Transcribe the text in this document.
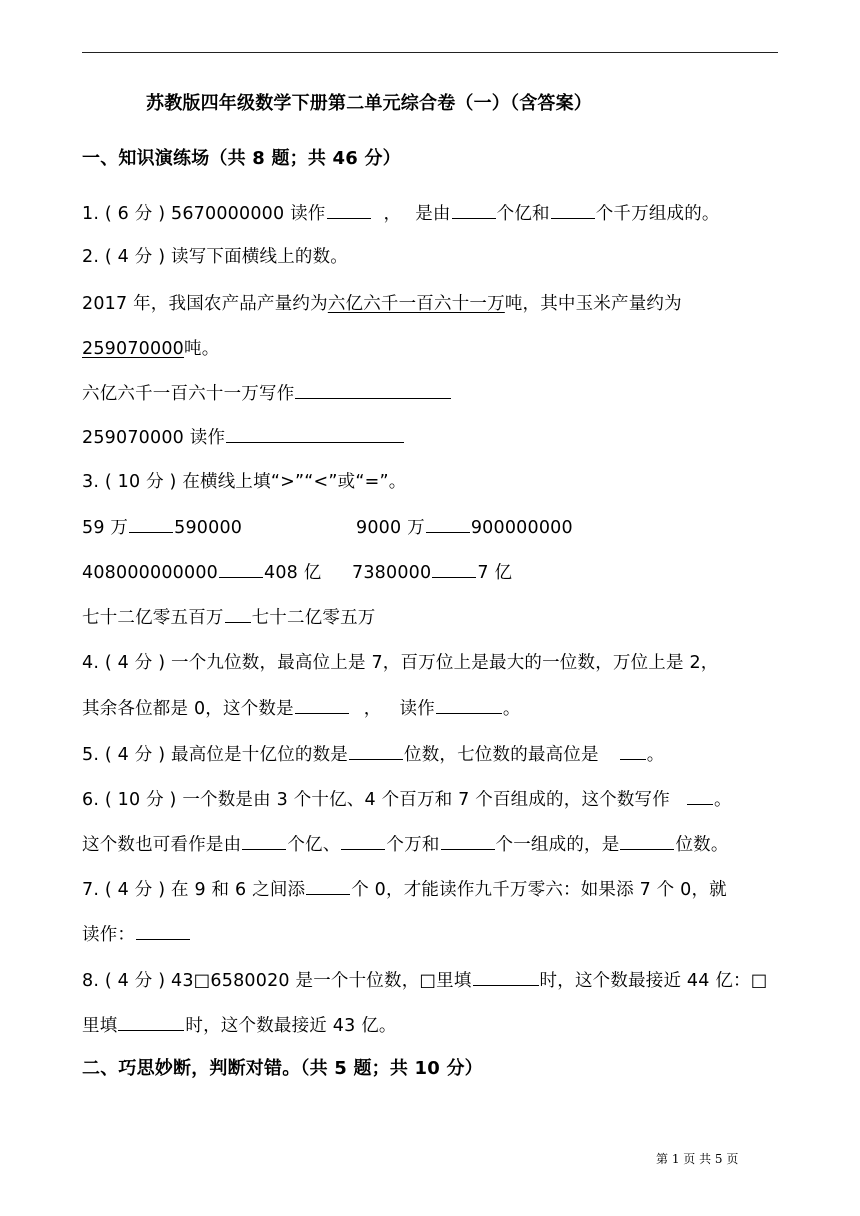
苏教版四年级数学下册第二单元综合卷（一）（含答案）
一、知识演练场（共 8 题；共 46 分）
1. ( 6 分 ) 5670000000 读作	， 是由	个亿和	个千万组成的。
2. ( 4 分 ) 读写下面横线上的数。
2017 年，我国农产品产量约为六亿六千一百六十一万吨，其中玉米产量约为
259070000吨。
六亿六千一百六十一万写作
259070000 读作
3. ( 10 分 ) 在横线上填“>”“<”或“=”。
59 万	590000	9000 万	900000000
408000000000	408 亿 7380000	7 亿
七十二亿零五百万 七十二亿零五万
4. ( 4 分 ) 一个九位数，最高位上是 7，百万位上是最大的一位数，万位上是 2，
其余各位都是 0，这个数是	， 读作	。
5. ( 4 分 ) 最高位是十亿位的数是	位数，七位数的最高位是	。
6. ( 10 分 ) 一个数是由 3 个十亿、4 个百万和 7 个百组成的，这个数写作	。
这个数也可看作是由	个亿、	个万和	个一组成的，是	位数。
7. ( 4 分 ) 在 9 和 6 之间添	个 0，才能读作九千万零六：如果添 7 个 0，就
读作：
8. ( 4 分 ) 43□6580020 是一个十位数，□里填	时，这个数最接近 44 亿：□
里填	时，这个数最接近 43 亿。
二、巧思妙断，判断对错。（共 5 题；共 10 分）
第 1 页 共 5 页
